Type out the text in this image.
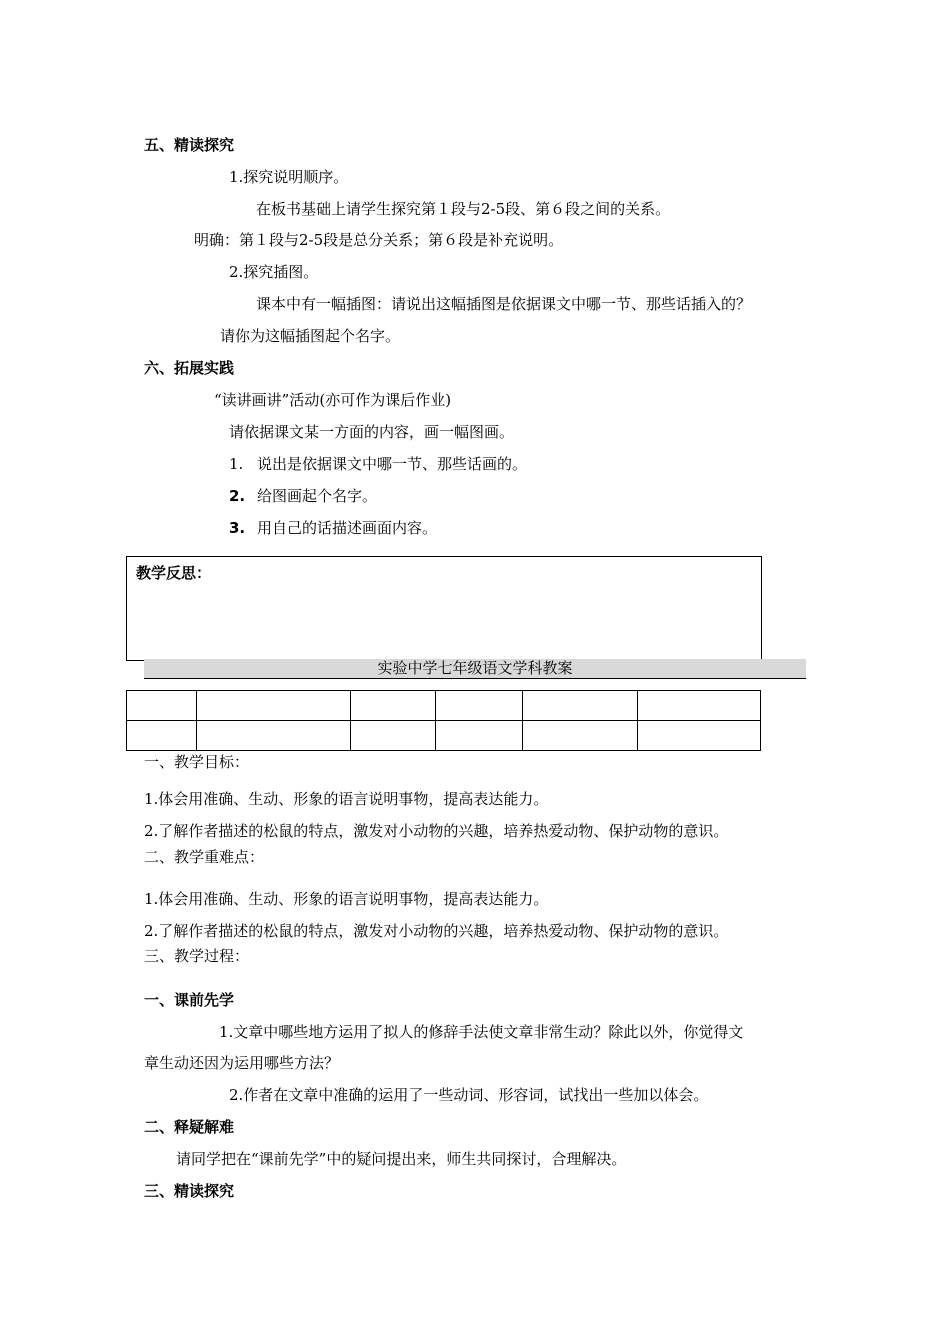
五、精读探究
1.探究说明顺序。
在板书基础上请学生探究第１段与2-5段、第６段之间的关系。
明确：第１段与2-5段是总分关系；第６段是补充说明。
2.探究插图。
课本中有一幅插图：请说出这幅插图是依据课文中哪一节、那些话插入的？
请你为这幅插图起个名字。
六、拓展实践
“读讲画讲”活动(亦可作为课后作业)
请依据课文某一方面的内容，画一幅图画。
1. 说出是依据课文中哪一节、那些话画的。
2. 给图画起个名字。
3. 用自己的话描述画面内容。
教学反思：
实验中学七年级语文学科教案

一、教学目标：
1.体会用准确、生动、形象的语言说明事物，提高表达能力。
2.了解作者描述的松鼠的特点，激发对小动物的兴趣，培养热爱动物、保护动物的意识。
二、教学重难点：
1.体会用准确、生动、形象的语言说明事物，提高表达能力。
2.了解作者描述的松鼠的特点，激发对小动物的兴趣，培养热爱动物、保护动物的意识。
三、教学过程：
一、课前先学
1.文章中哪些地方运用了拟人的修辞手法使文章非常生动？除此以外，你觉得文
章生动还因为运用哪些方法？
2.作者在文章中准确的运用了一些动词、形容词，试找出一些加以体会。
二、释疑解难
请同学把在“课前先学”中的疑问提出来，师生共同探讨，合理解决。
三、精读探究
